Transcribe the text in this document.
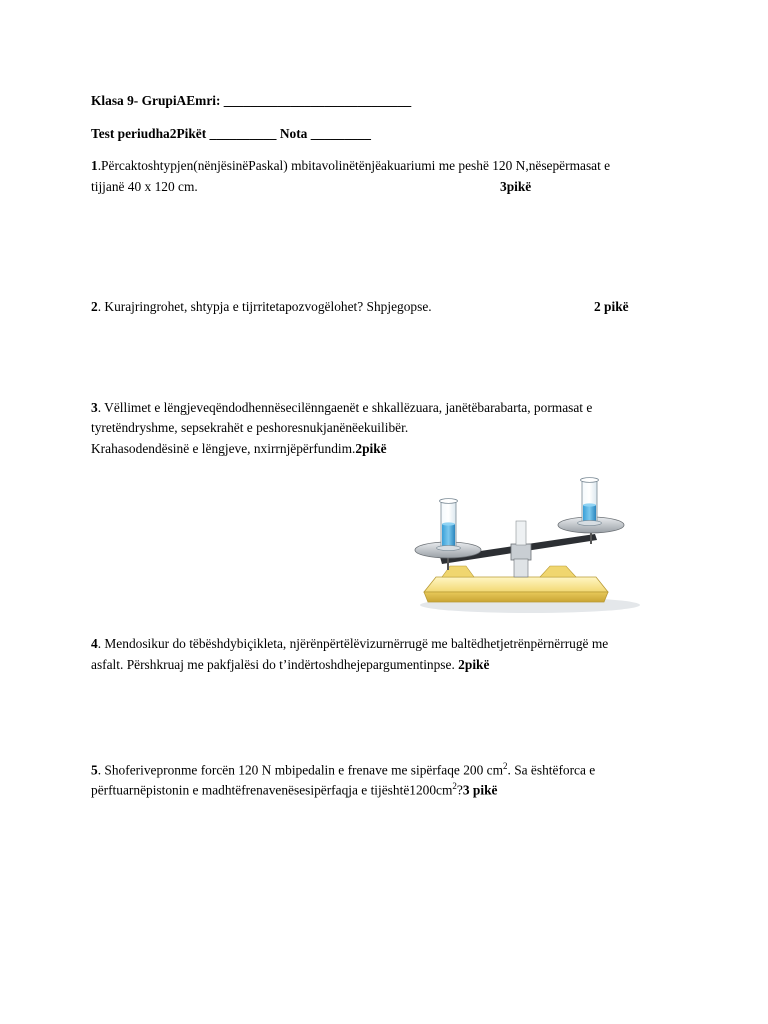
Klasa 9- GrupiAEmri: ____________________________
Test periudha2Pikët __________ Nota _________
1.Përcaktoshtypjen(nënjësinëPaskal) mbitavolinëtënjëakuariumi me peshë 120 N,nësepërmasat e
tijjanë 40 x 120 cm.	3pikë
2. Kurajringrohet, shtypja e tijrritetapozvogëlohet? Shpjegopse.	2 pikë
3. Vëllimet e lëngjeveqëndodhennësecilënngaenët e shkallëzuara, janëtëbarabarta, pormasat e
tyretëndryshme, sepsekrahët e peshoresnukjanënëekuilibër.
Krahasodendësinë e lëngjeve, nxirrnjëpërfundim.2pikë
4. Mendosikur do tëbëshdybiçikleta, njërënpërtëlëvizurnërrugë me baltëdhetjetrënpërnërrugë me
asfalt. Përshkruaj me pakfjalësi do t’indërtoshdhejepargumentinpse. 2pikë
5. Shoferivepronme forcën 120 N mbipedalin e frenave me sipërfaqe 200 $cm^2$. Sa ështëforca e
përftuarnëpistonin e madhtëfrenavenësesipërfaqja e $tijështë1200cm^2?3$ pikë
